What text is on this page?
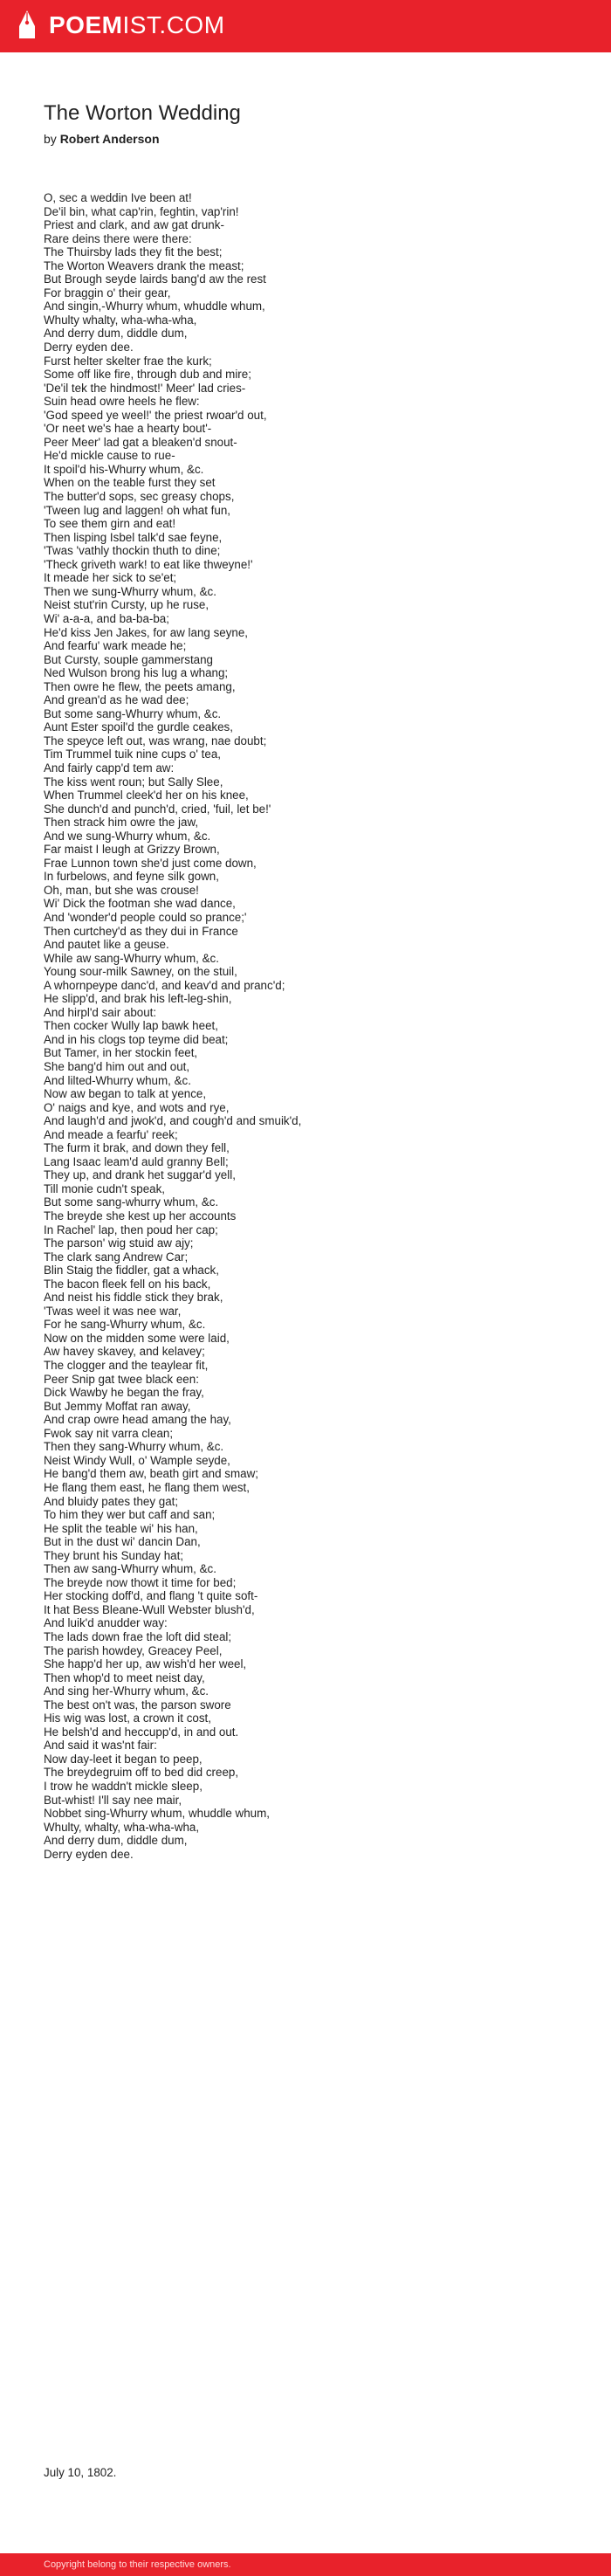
POEMIST.COM
The Worton Wedding
by Robert Anderson

O, sec a weddin Ive been at!

De'il bin, what cap'rin, feghtin, vap'rin!

Priest and clark, and aw gat drunk-

Rare deins there were there:

The Thuirsby lads they fit the best;

The Worton Weavers drank the meast;

But Brough seyde lairds bang'd aw the rest

For braggin o' their gear,

And singin,-Whurry whum, whuddle whum,

Whulty whalty, wha-wha-wha,

And derry dum, diddle dum,

Derry eyden dee.

Furst helter skelter frae the kurk;

Some off like fire, through dub and mire;

'De'il tek the hindmost!' Meer' lad cries-

Suin head owre heels he flew:

'God speed ye weel!' the priest rwoar'd out,

'Or neet we's hae a hearty bout'-

Peer Meer' lad gat a bleaken'd snout-

He'd mickle cause to rue-

It spoil'd his-Whurry whum, &c.

When on the teable furst they set

The butter'd sops, sec greasy chops,

'Tween lug and laggen! oh what fun,

To see them girn and eat!

Then lisping Isbel talk'd sae feyne,

'Twas 'vathly thockin thuth to dine;

'Theck griveth wark! to eat like thweyne!'

It meade her sick to se'et;

Then we sung-Whurry whum, &c.

Neist stut'rin Cursty, up he ruse,

Wi' a-a-a, and ba-ba-ba;

He'd kiss Jen Jakes, for aw lang seyne,

And fearfu' wark meade he;

But Cursty, souple gammerstang

Ned Wulson brong his lug a whang;

Then owre he flew, the peets amang,

And grean'd as he wad dee;

But some sang-Whurry whum, &c.

Aunt Ester spoil'd the gurdle ceakes,

The speyce left out, was wrang, nae doubt;

Tim Trummel tuik nine cups o' tea,

And fairly capp'd tem aw:

The kiss went roun; but Sally Slee,

When Trummel cleek'd her on his knee,

She dunch'd and punch'd, cried, 'fuil, let be!'

Then strack him owre the jaw,

And we sung-Whurry whum, &c.

Far maist I leugh at Grizzy Brown,

Frae Lunnon town she'd just come down,

In furbelows, and feyne silk gown,

Oh, man, but she was crouse!

Wi' Dick the footman she wad dance,

And 'wonder'd people could so prance;'

Then curtchey'd as they dui in France

And pautet like a geuse.

While aw sang-Whurry whum, &c.

Young sour-milk Sawney, on the stuil,

A whornpeype danc'd, and keav'd and pranc'd;

He slipp'd, and brak his left-leg-shin,

And hirpl'd sair about:

Then cocker Wully lap bawk heet,

And in his clogs top teyme did beat;

But Tamer, in her stockin feet,

She bang'd him out and out,

And lilted-Whurry whum, &c.

Now aw began to talk at yence,

O' naigs and kye, and wots and rye,

And laugh'd and jwok'd, and cough'd and smuik'd,

And meade a fearfu' reek;

The furm it brak, and down they fell,

Lang Isaac leam'd auld granny Bell;

They up, and drank het suggar'd yell,

Till monie cudn't speak,

But some sang-whurry whum, &c.

The breyde she kest up her accounts

In Rachel' lap, then poud her cap;

The parson' wig stuid aw ajy;

The clark sang Andrew Car;

Blin Staig the fiddler, gat a whack,

The bacon fleek fell on his back,

And neist his fiddle stick they brak,

'Twas weel it was nee war,

For he sang-Whurry whum, &c.

Now on the midden some were laid,

Aw havey skavey, and kelavey;

The clogger and the teaylear fit,

Peer Snip gat twee black een:

Dick Wawby he began the fray,

But Jemmy Moffat ran away,

And crap owre head amang the hay,

Fwok say nit varra clean;

Then they sang-Whurry whum, &c.

Neist Windy Wull, o' Wample seyde,

He bang'd them aw, beath girt and smaw;

He flang them east, he flang them west,

And bluidy pates they gat;

To him they wer but caff and san;

He split the teable wi' his han,

But in the dust wi' dancin Dan,

They brunt his Sunday hat;

Then aw sang-Whurry whum, &c.

The breyde now thowt it time for bed;

Her stocking doff'd, and flang 't quite soft-

It hat Bess Bleane-Wull Webster blush'd,

And luik'd anudder way:

The lads down frae the loft did steal;

The parish howdey, Greacey Peel,

She happ'd her up, aw wish'd her weel,

Then whop'd to meet neist day,

And sing her-Whurry whum, &c.

The best on't was, the parson swore

His wig was lost, a crown it cost,

He belsh'd and heccupp'd, in and out.

And said it was'nt fair:

Now day-leet it began to peep,

The breydegruim off to bed did creep,

I trow he waddn't mickle sleep,

But-whist! I'll say nee mair,

Nobbet sing-Whurry whum, whuddle whum,

Whulty, whalty, wha-wha-wha,

And derry dum, diddle dum,

Derry eyden dee.

July 10, 1802.
Copyright belong to their respective owners.
